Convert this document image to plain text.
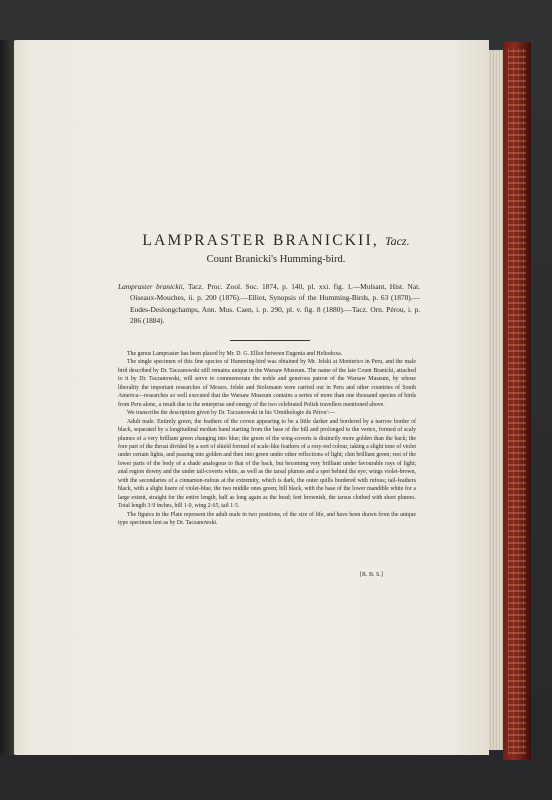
LAMPRASTER BRANICKII, Tacz.
Count Branicki's Humming-bird.
Lampraster branickii, Tacz. Proc. Zool. Soc. 1874, p. 140, pl. xxi. fig. 1.—Mulsant, Hist. Nat. Oiseaux-Mouches, ii. p. 200 (1876).—Elliot, Synopsis of the Humming-Birds, p. 63 (1878).—Eudes-Deslongchamps, Ann. Mus. Caen, i. p. 290, pl. v. fig. 8 (1880).—Tacz. Orn. Pérou, i. p. 286 (1884).

The genus Lampraster has been placed by Mr. D. G. Elliot between Eugenia and Heliodoxa.

The single specimen of this fine species of Humming-bird was obtained by Mr. Jelski at Monterico in Peru, and the male bird described by Dr. Taczanowski still remains unique in the Warsaw Museum. The name of the late Count Branicki, attached to it by Dr. Taczanowski, will serve to commemorate the noble and generous patron of the Warsaw Museum, by whose liberality the important researches of Messrs. Jelski and Stolzmann were carried out in Peru and other countries of South America—researches so well executed that the Warsaw Museum contains a series of more than one thousand species of birds from Peru alone, a result due to the enterprise and energy of the two celebrated Polish travellers mentioned above.

We transcribe the description given by Dr. Taczanowski in his 'Ornithologie du Pérou':—

Adult male. Entirely green, the feathers of the crown appearing to be a little darker and bordered by a narrow border of black, separated by a longitudinal median band starting from the base of the bill and prolonged to the vertex, formed of scaly plumes of a very brilliant green changing into blue; the green of the wing-coverts is distinctly more golden than the back; the fore part of the throat divided by a sort of shield formed of scale-like feathers of a rosy-red colour, taking a slight tone of violet under certain lights, and passing into golden and then into green under other reflections of light; chin brilliant green; rest of the lower parts of the body of a shade analogous to that of the back, but becoming very brilliant under favourable rays of light; anal region downy and the under tail-coverts white, as well as the tarsal plumes and a spot behind the eye; wings violet-brown, with the secondaries of a cinnamon-rufous at the extremity, which is dark, the outer quills bordered with rufous; tail-feathers black, with a slight lustre of violet-blue, the two middle ones green; bill black, with the base of the lower mandible white for a large extent, straight for the entire length, half as long again as the head; feet brownish, the tarsus clothed with short plumes. Total length 3·9 inches, bill 1·0, wing 2·65, tail 1·5.

The figures in the Plate represent the adult male in two positions, of the size of life, and have been drawn from the unique type specimen lent as by Dr. Taczanowski.

[R. B. S.]
